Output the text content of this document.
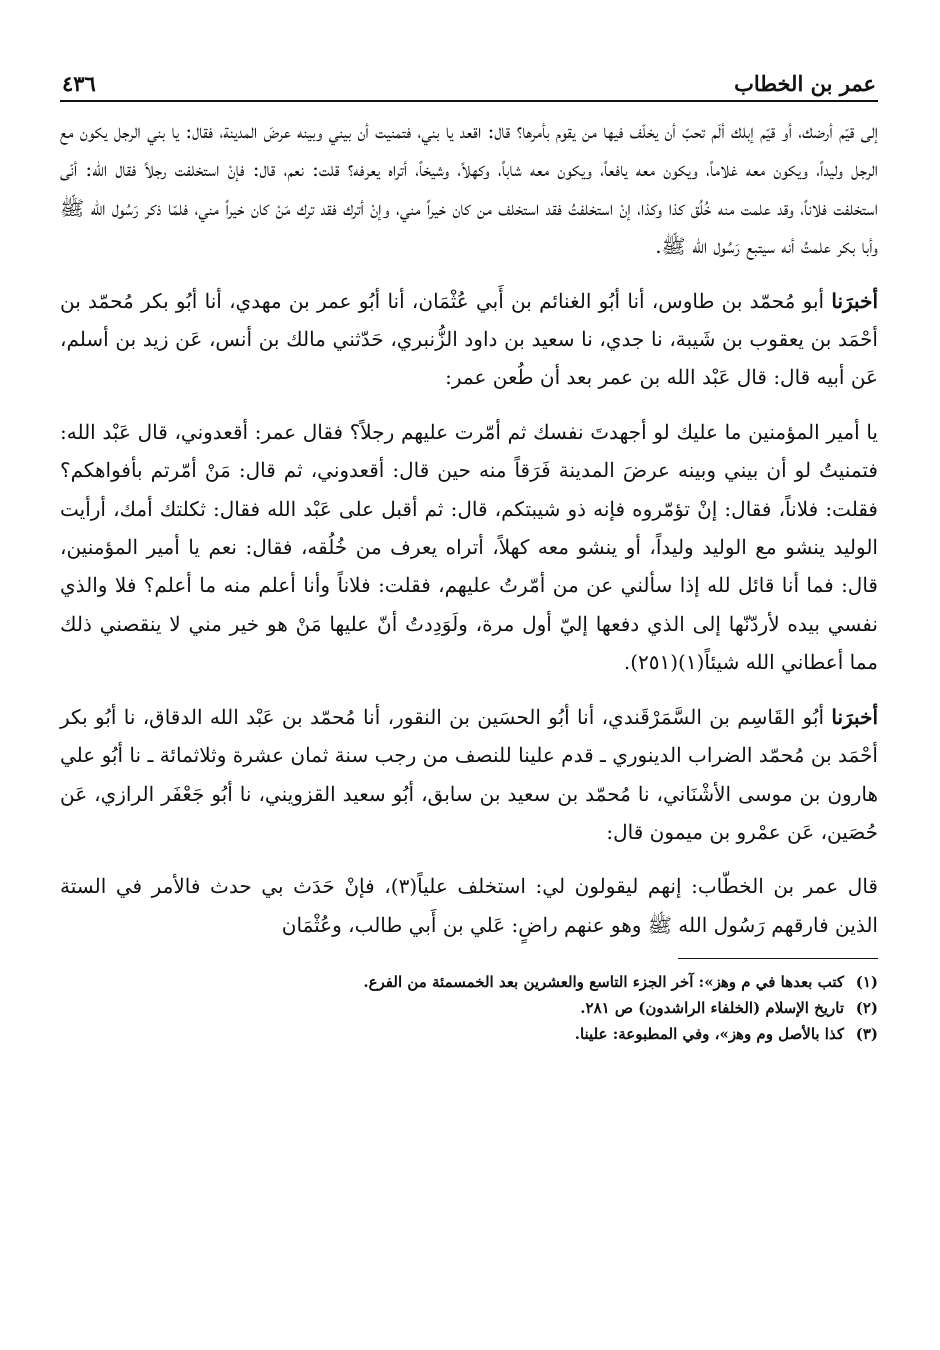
عمر بن الخطاب
٤٣٦

إلى قيّم أرضك، أو قيّم إبلك ألَم تحبّ أن يخلّف فيها من يقوم بأمرها؟ قال: اقعد يا بني، فتمنيت أن بيني وبينه عرضَ المدينة، فقال: يا بني الرجل يكون مع الرجل وليداً، ويكون معه غلاماً، ويكون معه يافعاً، ويكون معه شاباً، وكهلاً، وشيخاً، أتراه يعرفه؟ قلت: نعم، قال: فإنْ استخلفت رجلاً فقال الله: أنّى استخلفت فلاناً، وقد علمت منه خُلُق كذا وكذا، إنْ استخلفتُ فقد استخلف من كان خيراً مني، وإنْ أترك فقد ترك مَنْ كان خيراً مني، فلمّا ذكر رَسُول الله ﷺ وأبا بكر علمتُ أنه سيتبع رَسُول الله ﷺ.

أخبرَنا أبو مُحمّد بن طاوس، أنا أبُو الغنائم بن أَبي عُثْمَان، أنا أبُو عمر بن مهدي، أنا أبُو بكر مُحمّد بن أحْمَد بن يعقوب بن شَيبة، نا جدي، نا سعيد بن داود الزُّنبري، حَدّثني مالك بن أنس، عَن زيد بن أسلم، عَن أبيه قال: قال عَبْد الله بن عمر بعد أن طُعن عمر:

يا أمير المؤمنين ما عليك لو أجهدتَ نفسك ثم أمّرت عليهم رجلاً؟ فقال عمر: أقعدوني، قال عَبْد الله: فتمنيتُ لو أن بيني وبينه عرضَ المدينة فَرَقاً منه حين قال: أقعدوني، ثم قال: مَنْ أمّرتم بأفواهكم؟ فقلت: فلاناً، فقال: إنْ تؤمّروه فإنه ذو شيبتكم، قال: ثم أقبل على عَبْد الله فقال: ثكلتك أمك، أرأيت الوليد ينشو مع الوليد وليداً، أو ينشو معه كهلاً، أتراه يعرف من خُلُقه، فقال: نعم يا أمير المؤمنين، قال: فما أنا قائل لله إذا سألني عن من أمّرتُ عليهم، فقلت: فلاناً وأنا أعلم منه ما أعلم؟ فلا والذي نفسي بيده لأردّنّها إلى الذي دفعها إليّ أول مرة، ولَوَدِدتُ أنّ عليها مَنْ هو خير مني لا ينقصني ذلك مما أعطاني الله شيئاً(١)(٢٥١).

أخبرَنا أبُو القَاسِم بن السَّمَرْقَندي، أنا أبُو الحسَين بن النقور، أنا مُحمّد بن عَبْد الله الدقاق، نا أبُو بكر أحْمَد بن مُحمّد الضراب الدينوري ـ قدم علينا للنصف من رجب سنة ثمان عشرة وثلاثمائة ـ نا أبُو علي هارون بن موسى الأشْنَاني، نا مُحمّد بن سعيد بن سابق، أبُو سعيد القزويني، نا أبُو جَعْفَر الرازي، عَن حُصَين، عَن عمْرو بن ميمون قال:

قال عمر بن الخطّاب: إنهم ليقولون لي: استخلف علياً(٣)، فإنْ حَدَث بي حدث فالأمر في الستة الذين فارقهم رَسُول الله ﷺ وهو عنهم راضٍ: عَلي بن أَبي طالب، وعُثْمَان

(١)
كتب بعدها في م وﻫز»: آخر الجزء التاسع والعشرين بعد الخمسمئة من الفرع.
(٢)
تاريخ الإسلام (الخلفاء الراشدون) ص ٢٨١.
(٣)
كذا بالأصل وم وﻫز»، وفي المطبوعة: علينا.
